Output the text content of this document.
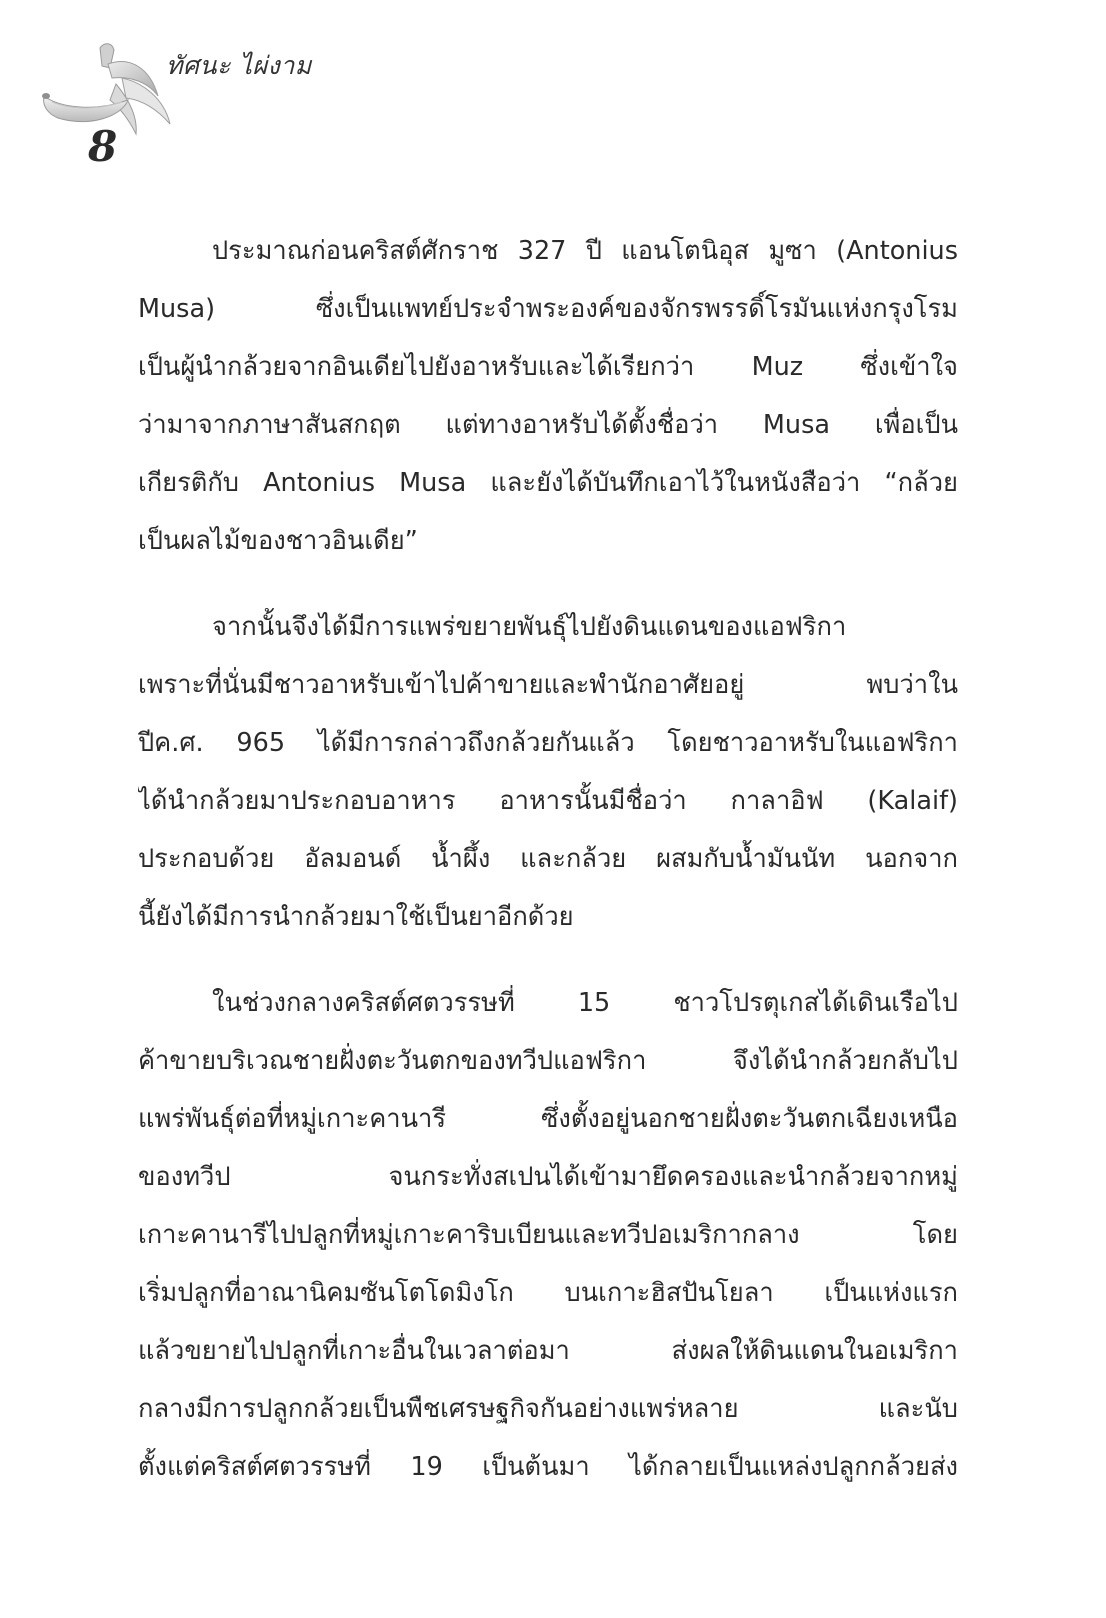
ทัศนะ ไผ่งาม
8
ประมาณก่อนคริสต์ศักราช 327 ปี แอนโตนิอุส มูซา (Antonius
Musa) ซึ่งเป็นแพทย์ประจำพระองค์ของจักรพรรดิ์โรมันแห่งกรุงโรม
เป็นผู้นำกล้วยจากอินเดียไปยังอาหรับและได้เรียกว่า Muz ซึ่งเข้าใจ
ว่ามาจากภาษาสันสกฤต แต่ทางอาหรับได้ตั้งชื่อว่า Musa เพื่อเป็น
เกียรติกับ Antonius Musa และยังได้บันทึกเอาไว้ในหนังสือว่า “กล้วย
เป็นผลไม้ของชาวอินเดีย”
จากนั้นจึงได้มีการแพร่ขยายพันธุ์ไปยังดินแดนของแอฟริกา
เพราะที่นั่นมีชาวอาหรับเข้าไปค้าขายและพำนักอาศัยอยู่ พบว่าใน
ปีค.ศ. 965 ได้มีการกล่าวถึงกล้วยกันแล้ว โดยชาวอาหรับในแอฟริกา
ได้นำกล้วยมาประกอบอาหาร อาหารนั้นมีชื่อว่า กาลาอิฟ (Kalaif)
ประกอบด้วย อัลมอนด์ น้ำผึ้ง และกล้วย ผสมกับน้ำมันนัท นอกจาก
นี้ยังได้มีการนำกล้วยมาใช้เป็นยาอีกด้วย
ในช่วงกลางคริสต์ศตวรรษที่ 15 ชาวโปรตุเกสได้เดินเรือไป
ค้าขายบริเวณชายฝั่งตะวันตกของทวีปแอฟริกา จึงได้นำกล้วยกลับไป
แพร่พันธุ์ต่อที่หมู่เกาะคานารี ซึ่งตั้งอยู่นอกชายฝั่งตะวันตกเฉียงเหนือ
ของทวีป จนกระทั่งสเปนได้เข้ามายึดครองและนำกล้วยจากหมู่
เกาะคานารีไปปลูกที่หมู่เกาะคาริบเบียนและทวีปอเมริกากลาง โดย
เริ่มปลูกที่อาณานิคมซันโตโดมิงโก บนเกาะฮิสปันโยลา เป็นแห่งแรก
แล้วขยายไปปลูกที่เกาะอื่นในเวลาต่อมา ส่งผลให้ดินแดนในอเมริกา
กลางมีการปลูกกล้วยเป็นพืชเศรษฐกิจกันอย่างแพร่หลาย และนับ
ตั้งแต่คริสต์ศตวรรษที่ 19 เป็นต้นมา ได้กลายเป็นแหล่งปลูกกล้วยส่ง
